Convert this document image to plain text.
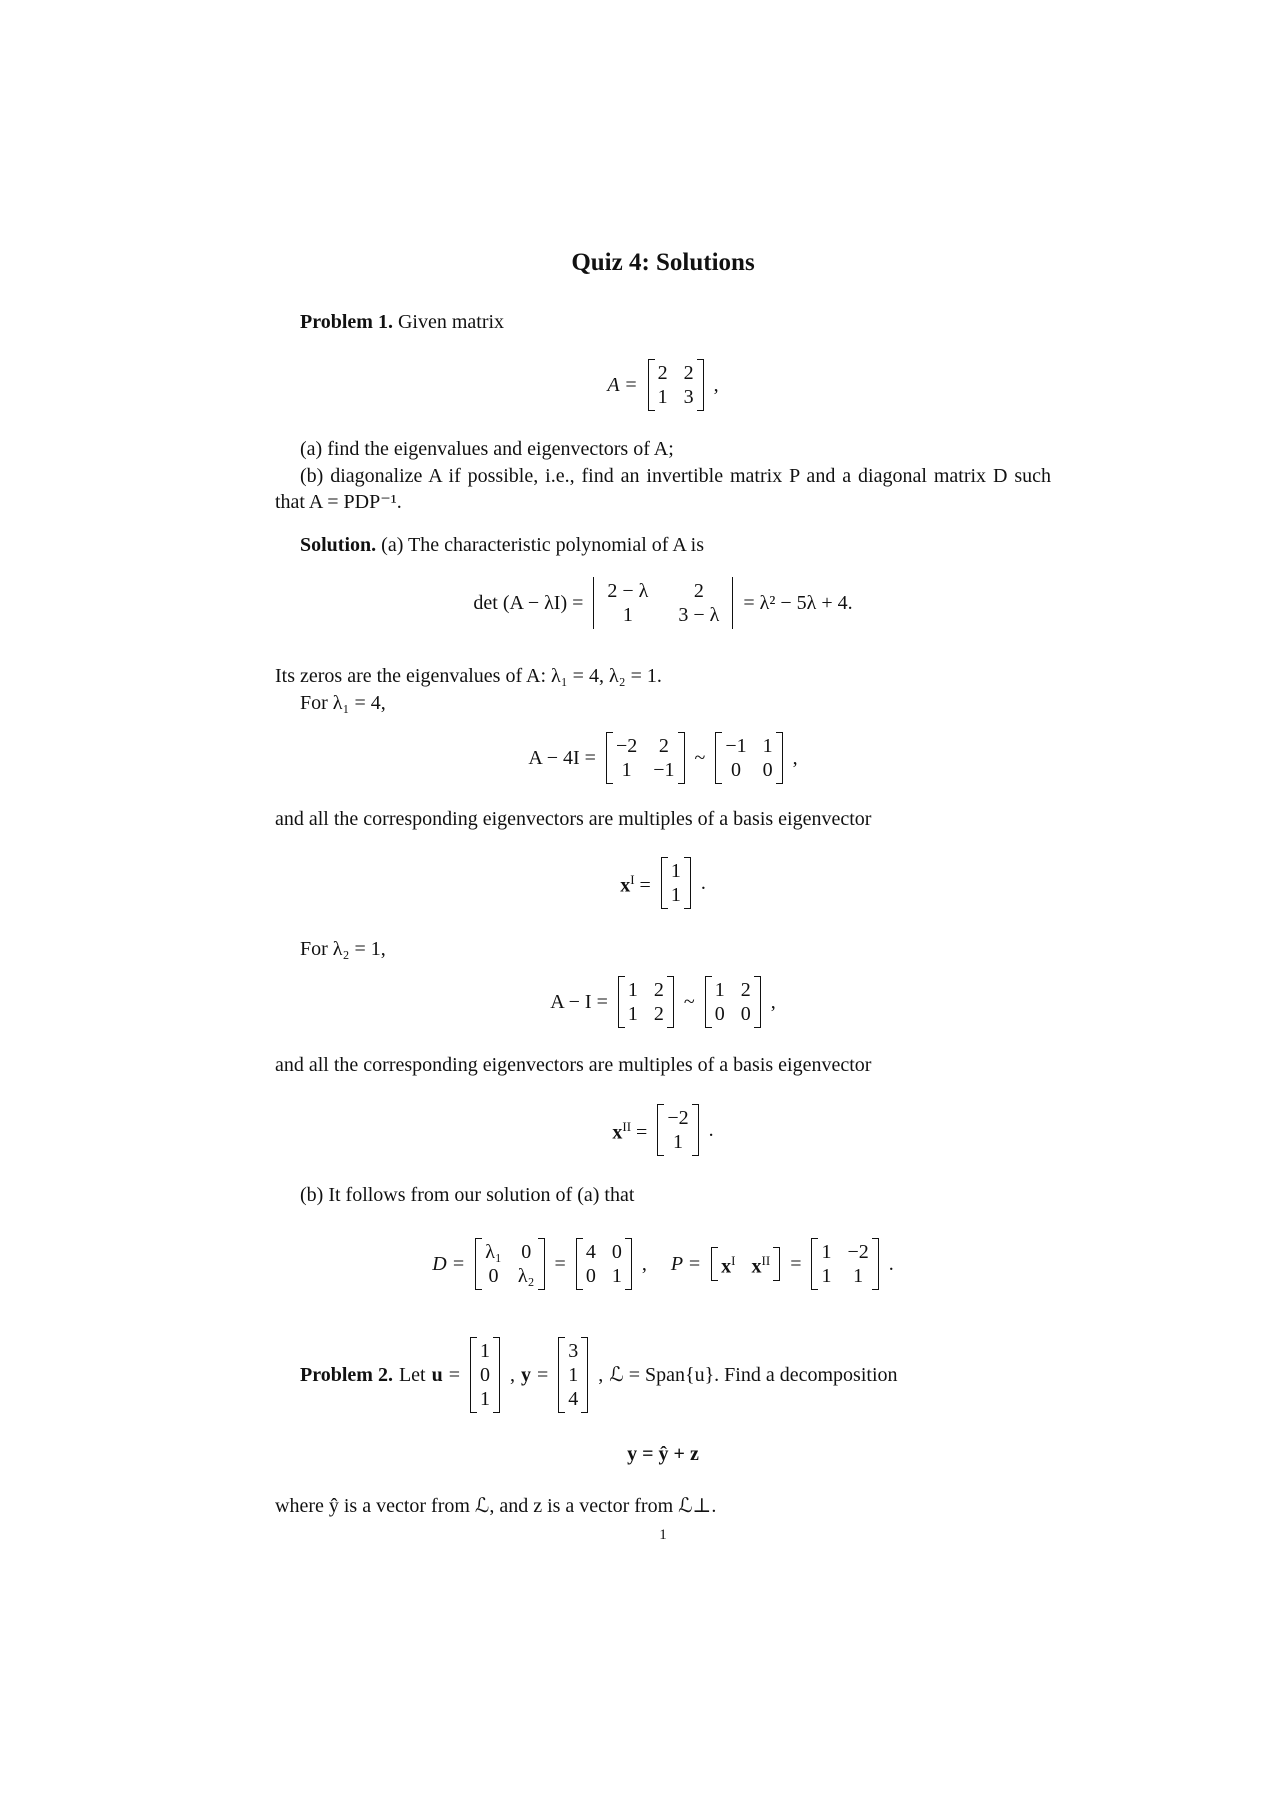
Quiz 4: Solutions
Problem 1. Given matrix
A =
2 2
1 3
,
(a) find the eigenvalues and eigenvectors of A;
(b) diagonalize A if possible, i.e., find an invertible matrix P and a diagonal matrix D such that A = PDP⁻¹.
Solution. (a) The characteristic polynomial of A is
det (A − λI) =
2 − λ	2
1	3 − λ
= λ² − 5λ + 4.
Its zeros are the eigenvalues of A: λ₁ = 4, λ₂ = 1.
For λ₁ = 4,
A − 4I =
−2 2
1 −1
~
−1 1
0 0
,
and all the corresponding eigenvectors are multiples of a basis eigenvector
$x^I$ =
1
1
.
For λ₂ = 1,
A − I =
1 2
1 2
~
1 2
0 0
,
and all the corresponding eigenvectors are multiples of a basis eigenvector
$x^{II}$ =
−2
1
.
(b) It follows from our solution of (a) that
D =
λ₁ 0
0 λ₂
=
4 0
0 1
, $P = x^I$ $x^{II}$ =
1 −2
1 1
.
Problem 2. Let u =
1
0
1
, y =
3
1
4
, ℒ = Span{u}. Find a decomposition
y = ŷ + z
where ŷ is a vector from ℒ, and z is a vector from ℒ⊥.
1
